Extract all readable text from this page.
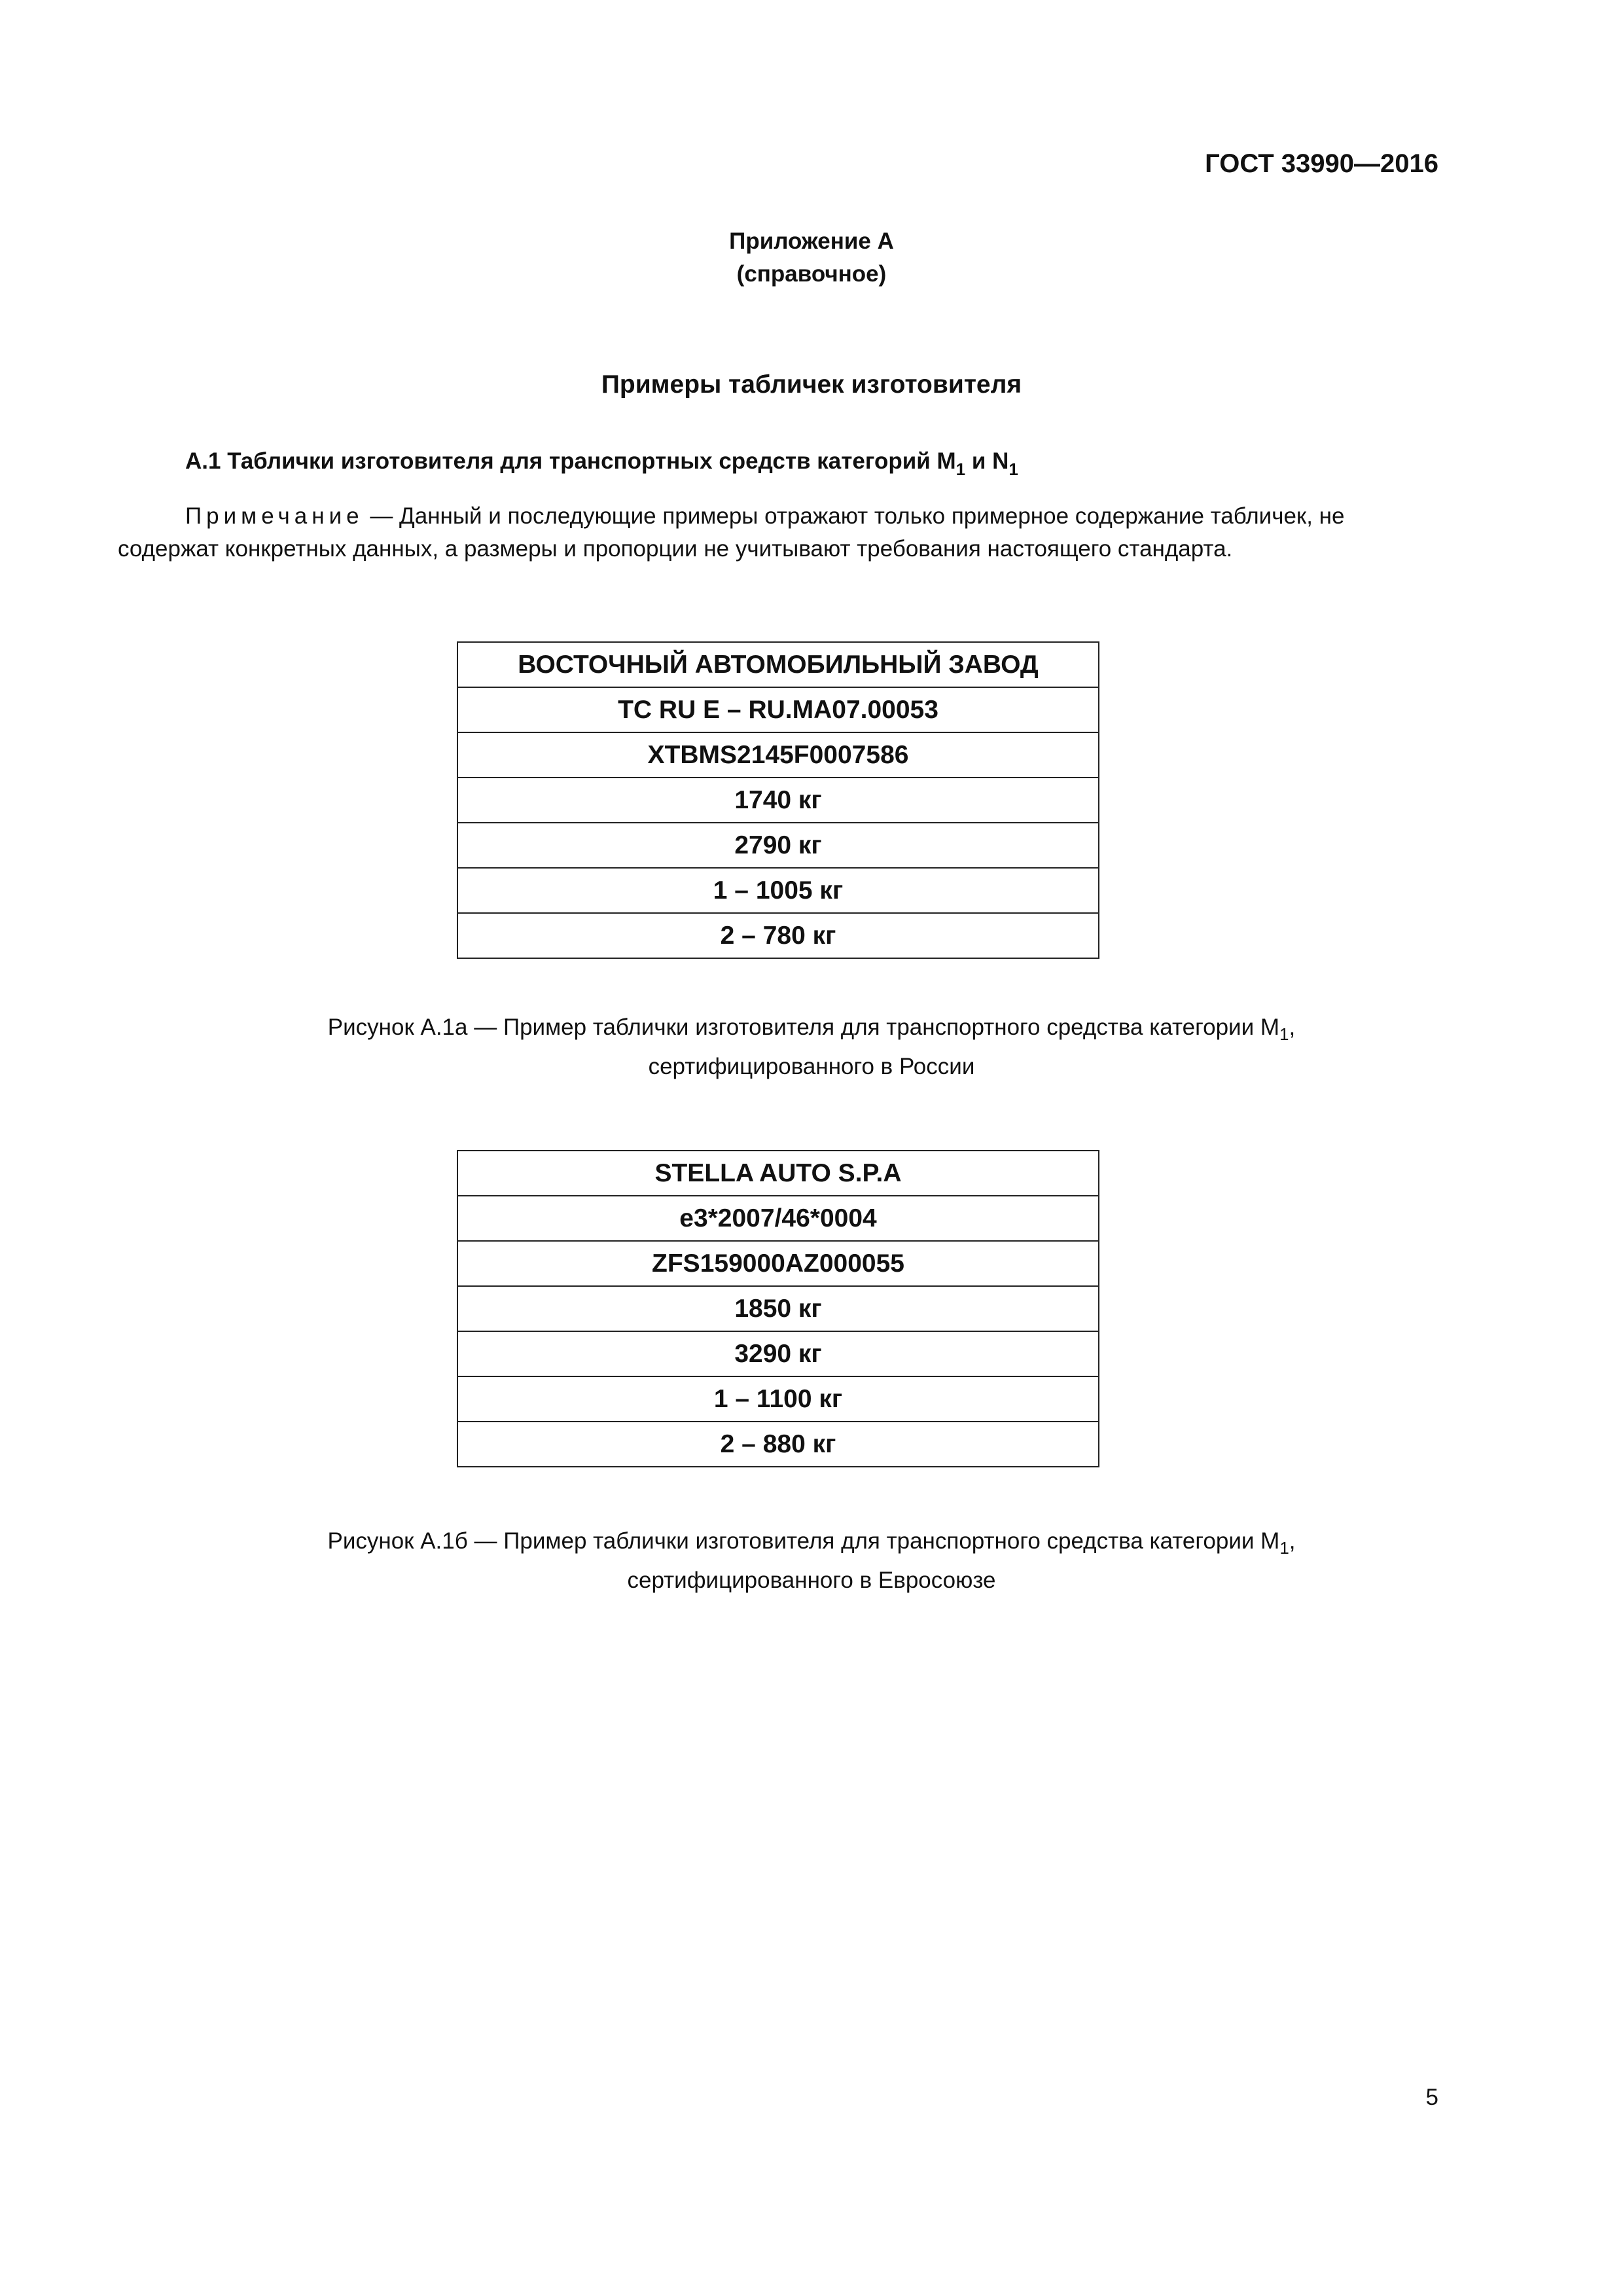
ГОСТ 33990—2016
Приложение А
(справочное)
Примеры табличек изготовителя
А.1 Таблички изготовителя для транспортных средств категорий $M_1$ и $N_1$
Примечание — Данный и последующие примеры отражают только примерное содержание табличек, не
содержат конкретных данных, а размеры и пропорции не учитывают требования настоящего стандарта.
ВОСТОЧНЫЙ АВТОМОБИЛЬНЫЙ ЗАВОД
ТС RU E – RU.MA07.00053
XTBMS2145F0007586
1740 кг
2790 кг
1 – 1005 кг
2 – 780 кг
Рисунок А.1а — Пример таблички изготовителя для транспортного средства категории $M_1$,
сертифицированного в России
STELLA AUTO S.P.A
e3*2007/46*0004
ZFS159000AZ000055
1850 кг
3290 кг
1 – 1100 кг
2 – 880 кг
Рисунок А.1б — Пример таблички изготовителя для транспортного средства категории $M_1$,
сертифицированного в Евросоюзе
5
